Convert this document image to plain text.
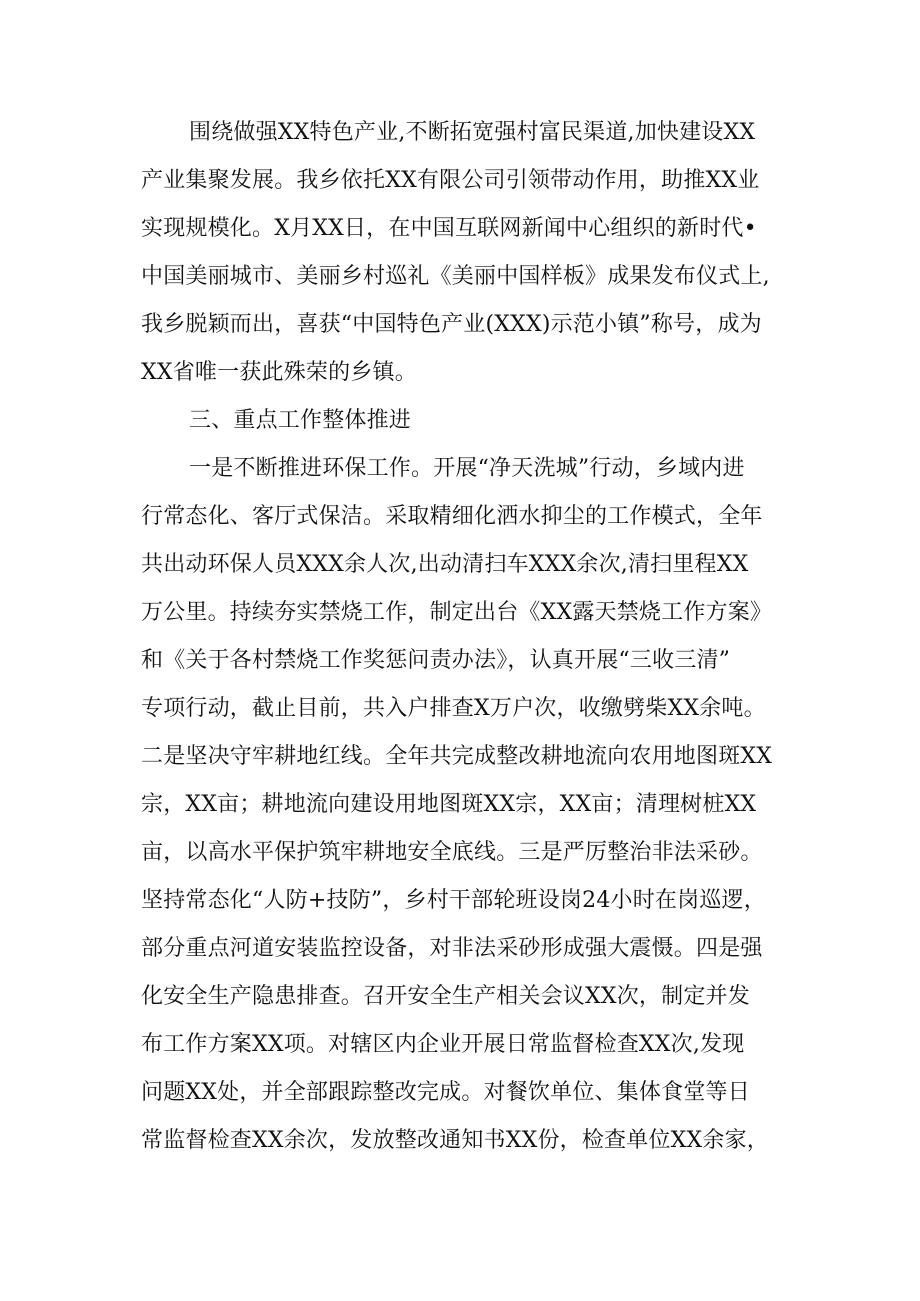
围绕做强XX特色产业,不断拓宽强村富民渠道,加快建设XX
产业集聚发展。我乡依托XX有限公司引领带动作用，助推XX业
实现规模化。X月XX日，在中国互联网新闻中心组织的新时代•
中国美丽城市、美丽乡村巡礼《美丽中国样板》成果发布仪式上,
我乡脱颖而出，喜获“中国特色产业(XXX)示范小镇”称号，成为
XX省唯一获此殊荣的乡镇。
三、重点工作整体推进
一是不断推进环保工作。开展“净天洗城”行动，乡域内进
行常态化、客厅式保洁。采取精细化洒水抑尘的工作模式，全年
共出动环保人员XXX余人次,出动清扫车XXX余次,清扫里程XX
万公里。持续夯实禁烧工作，制定出台《XX露天禁烧工作方案》
和《关于各村禁烧工作奖惩问责办法》，认真开展“三收三清”
专项行动，截止目前，共入户排查X万户次，收缴劈柴XX余吨。
二是坚决守牢耕地红线。全年共完成整改耕地流向农用地图斑XX
宗，XX亩；耕地流向建设用地图斑XX宗，XX亩；清理树桩XX
亩，以高水平保护筑牢耕地安全底线。三是严厉整治非法采砂。
坚持常态化“人防+技防”，乡村干部轮班设岗24小时在岗巡逻，
部分重点河道安装监控设备，对非法采砂形成强大震慑。四是强
化安全生产隐患排查。召开安全生产相关会议XX次，制定并发
布工作方案XX项。对辖区内企业开展日常监督检查XX次,发现
问题XX处，并全部跟踪整改完成。对餐饮单位、集体食堂等日
常监督检查XX余次，发放整改通知书XX份，检查单位XX余家，
